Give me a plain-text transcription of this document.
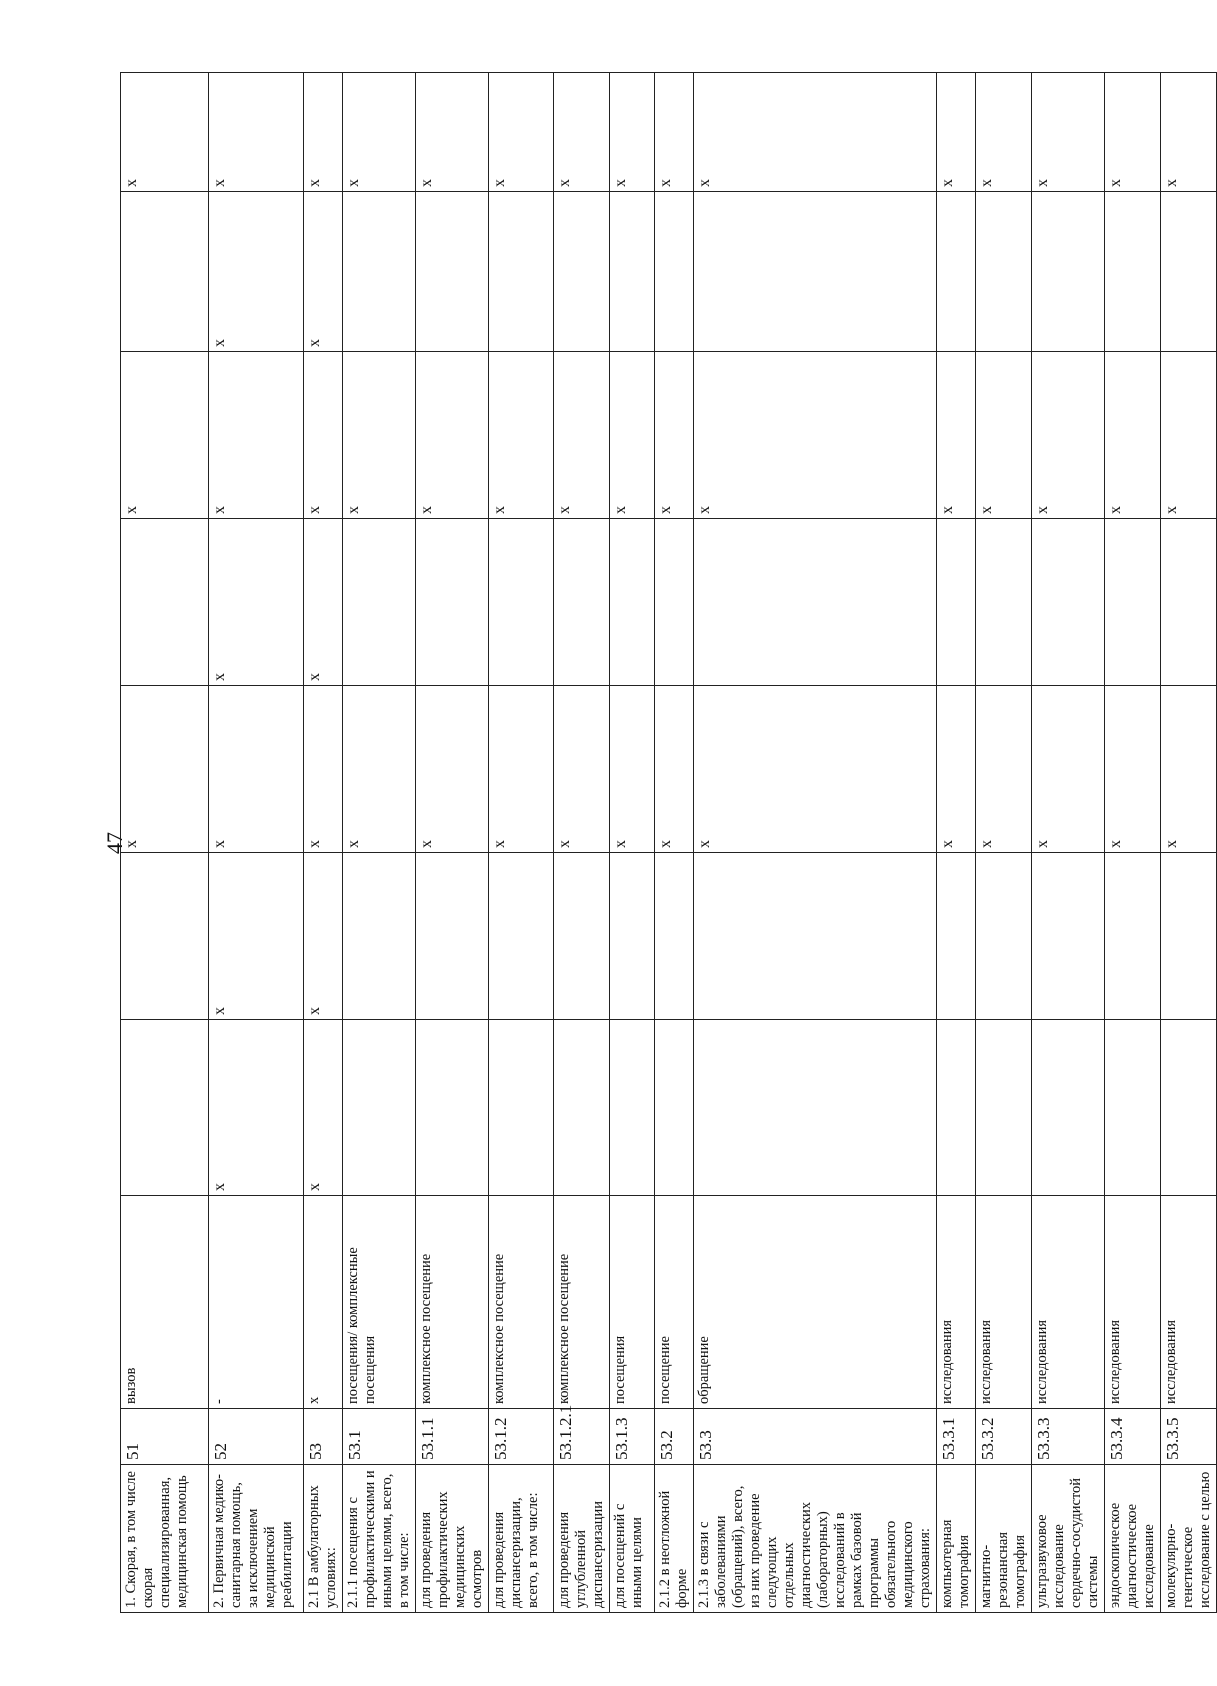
47
1. Скорая, в том числе скорая специализированная, медицинская помощь	51	вызов			x		x		x
2. Первичная медико-санитарная помощь, за исключением медицинской реабилитации	52	-	x	x	x	x	x	x	x
2.1 В амбулаторных условиях:	53	x	x	x	x	x	x	x	x
2.1.1 посещения с профилактическими и иными целями, всего, в том числе:	53.1	посещения/ комплексные посещения			x		x		x
для проведения профилактических медицинских осмотров	53.1.1	комплексное посещение			x		x		x
для проведения диспансеризации, всего, в том числе:	53.1.2	комплексное посещение			x		x		x
для проведения углубленной диспансеризации	53.1.2.1	комплексное посещение			x		x		x
для посещений с иными целями	53.1.3	посещения			x		x		x
2.1.2 в неотложной форме	53.2	посещение			x		x		x
2.1.3 в связи с заболеваниями (обращений), всего, из них проведение следующих отдельных диагностических (лабораторных) исследований в рамках базовой программы обязательного медицинского страхования:	53.3	обращение			x		x		x
компьютерная томография	53.3.1	исследования			x		x		x
магнитно-резонансная томография	53.3.2	исследования			x		x		x
ультразвуковое исследование сердечно-сосудистой системы	53.3.3	исследования			x		x		x
эндоскопическое диагностическое исследование	53.3.4	исследования			x		x		x
молекулярно-генетическое исследование с целью	53.3.5	исследования			x		x		x
